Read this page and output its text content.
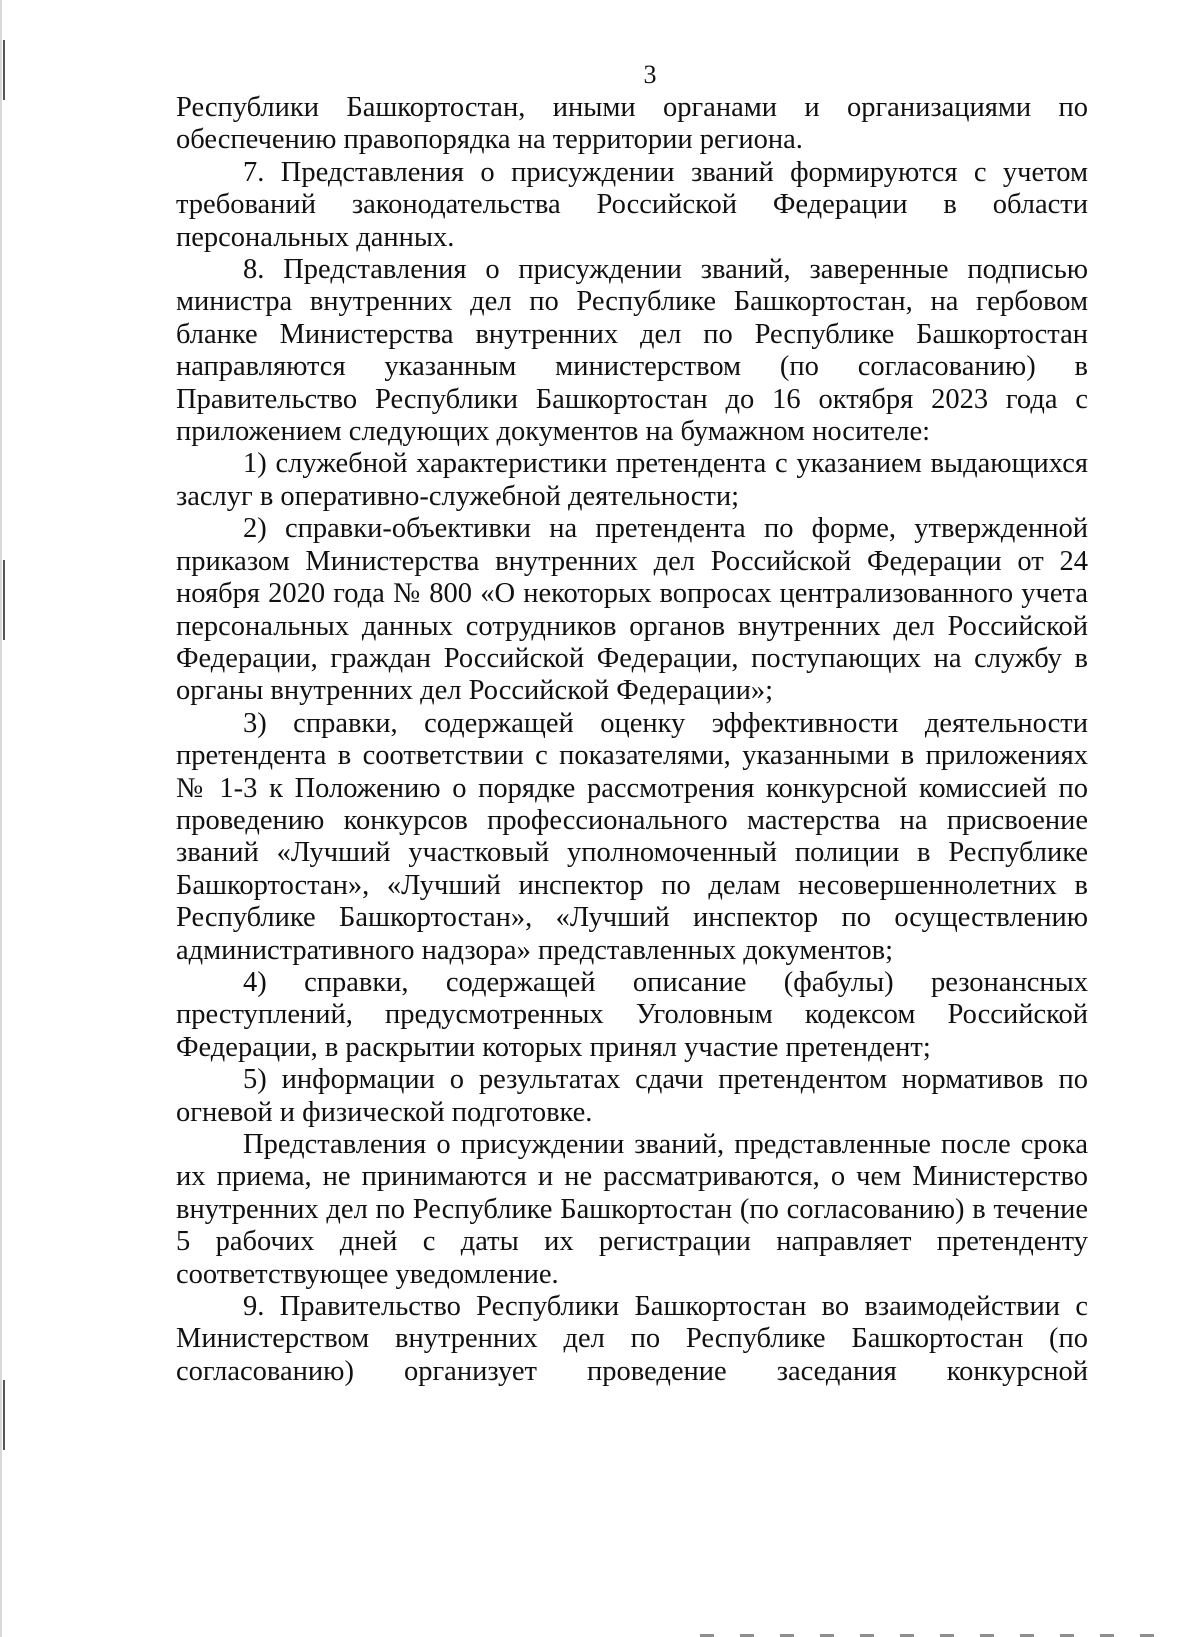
3

Республики Башкортостан, иными органами и организациями по обеспечению правопорядка на территории региона.

7. Представления о присуждении званий формируются с учетом требований законодательства Российской Федерации в области персональных данных.

8. Представления о присуждении званий, заверенные подписью министра внутренних дел по Республике Башкортостан, на гербовом бланке Министерства внутренних дел по Республике Башкортостан направляются указанным министерством (по согласованию) в Правительство Республики Башкортостан до 16 октября 2023 года с приложением следующих документов на бумажном носителе:

1) служебной характеристики претендента с указанием выдающихся заслуг в оперативно-служебной деятельности;

2) справки-объективки на претендента по форме, утвержденной приказом Министерства внутренних дел Российской Федерации от 24 ноября 2020 года № 800 «О некоторых вопросах централизованного учета персональных данных сотрудников органов внутренних дел Российской Федерации, граждан Российской Федерации, поступающих на службу в органы внутренних дел Российской Федерации»;

3) справки, содержащей оценку эффективности деятельности претендента в соответствии с показателями, указанными в приложениях № 1-3 к Положению о порядке рассмотрения конкурсной комиссией по проведению конкурсов профессионального мастерства на присвоение званий «Лучший участковый уполномоченный полиции в Республике Башкортостан», «Лучший инспектор по делам несовершеннолетних в Республике Башкортостан», «Лучший инспектор по осуществлению административного надзора» представленных документов;

4) справки, содержащей описание (фабулы) резонансных преступлений, предусмотренных Уголовным кодексом Российской Федерации, в раскрытии которых принял участие претендент;

5) информации о результатах сдачи претендентом нормативов по огневой и физической подготовке.

Представления о присуждении званий, представленные после срока их приема, не принимаются и не рассматриваются, о чем Министерство внутренних дел по Республике Башкортостан (по согласованию) в течение 5 рабочих дней с даты их регистрации направляет претенденту соответствующее уведомление.

9. Правительство Республики Башкортостан во взаимодействии с Министерством внутренних дел по Республике Башкортостан (по согласованию) организует проведение заседания конкурсной
